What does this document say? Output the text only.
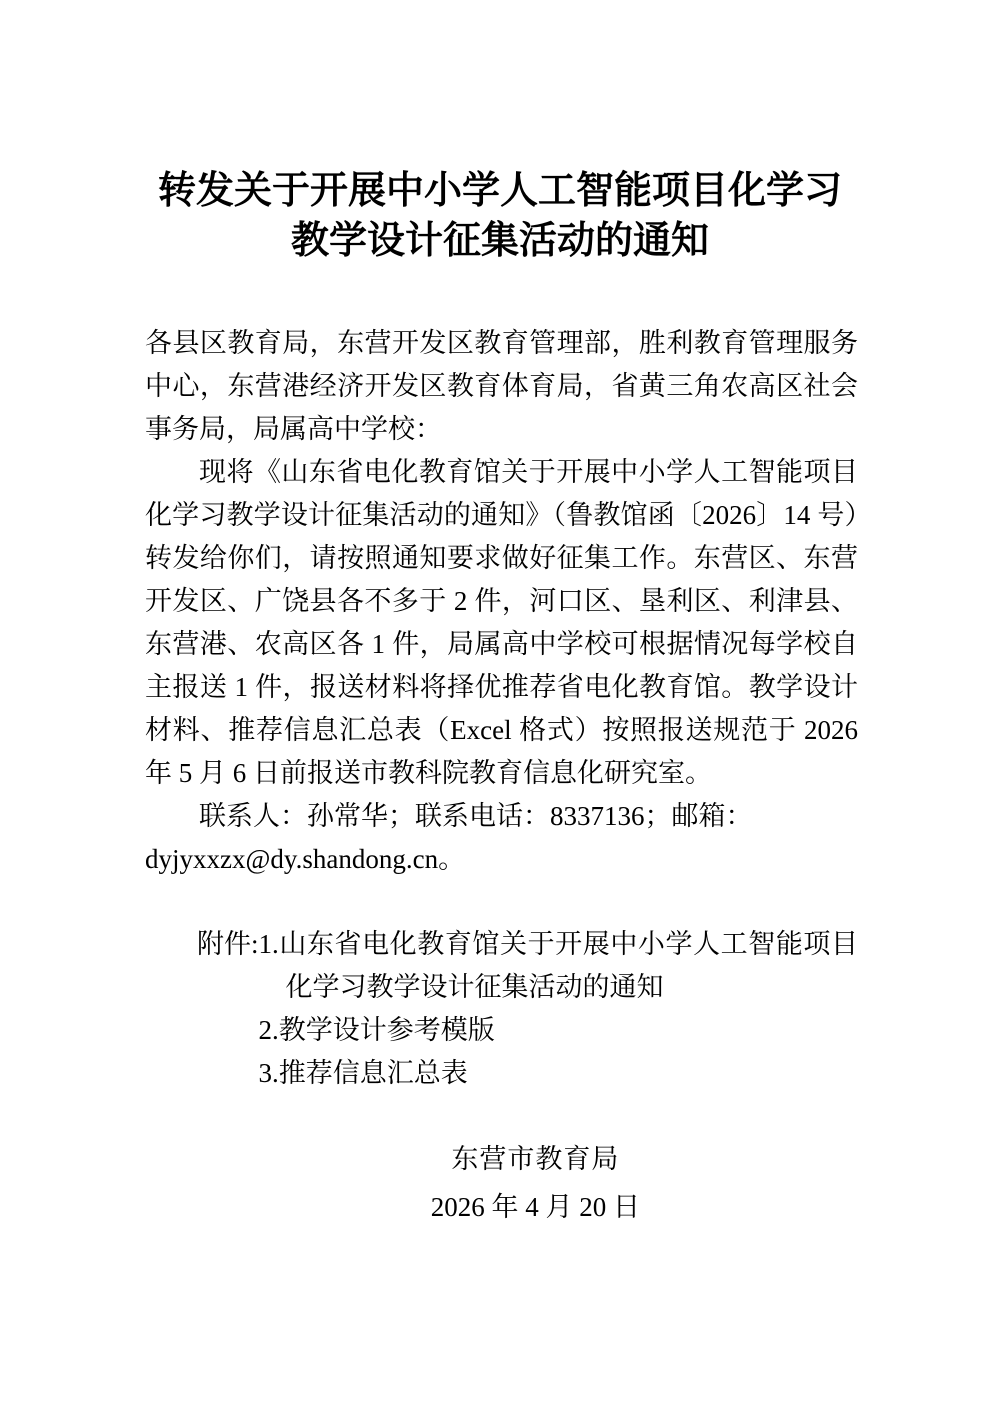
转发关于开展中小学人工智能项目化学习
教学设计征集活动的通知

各县区教育局，东营开发区教育管理部，胜利教育管理服务中心，东营港经济开发区教育体育局，省黄三角农高区社会事务局，局属高中学校：

现将《山东省电化教育馆关于开展中小学人工智能项目化学习教学设计征集活动的通知》（鲁教馆函〔2026〕14 号）转发给你们，请按照通知要求做好征集工作。东营区、东营开发区、广饶县各不多于 2 件，河口区、垦利区、利津县、东营港、农高区各 1 件，局属高中学校可根据情况每学校自主报送 1 件，报送材料将择优推荐省电化教育馆。教学设计材料、推荐信息汇总表（Excel 格式）按照报送规范于 2026 年 5 月 6 日前报送市教科院教育信息化研究室。

联系人：孙常华；联系电话：8337136；邮箱：dyjyxxzx@dy.shandong.cn。

附件: 1.山东省电化教育馆关于开展中小学人工智能项目化学习教学设计征集活动的通知
2.教学设计参考模版
3.推荐信息汇总表
东营市教育局
2026 年 4 月 20 日
